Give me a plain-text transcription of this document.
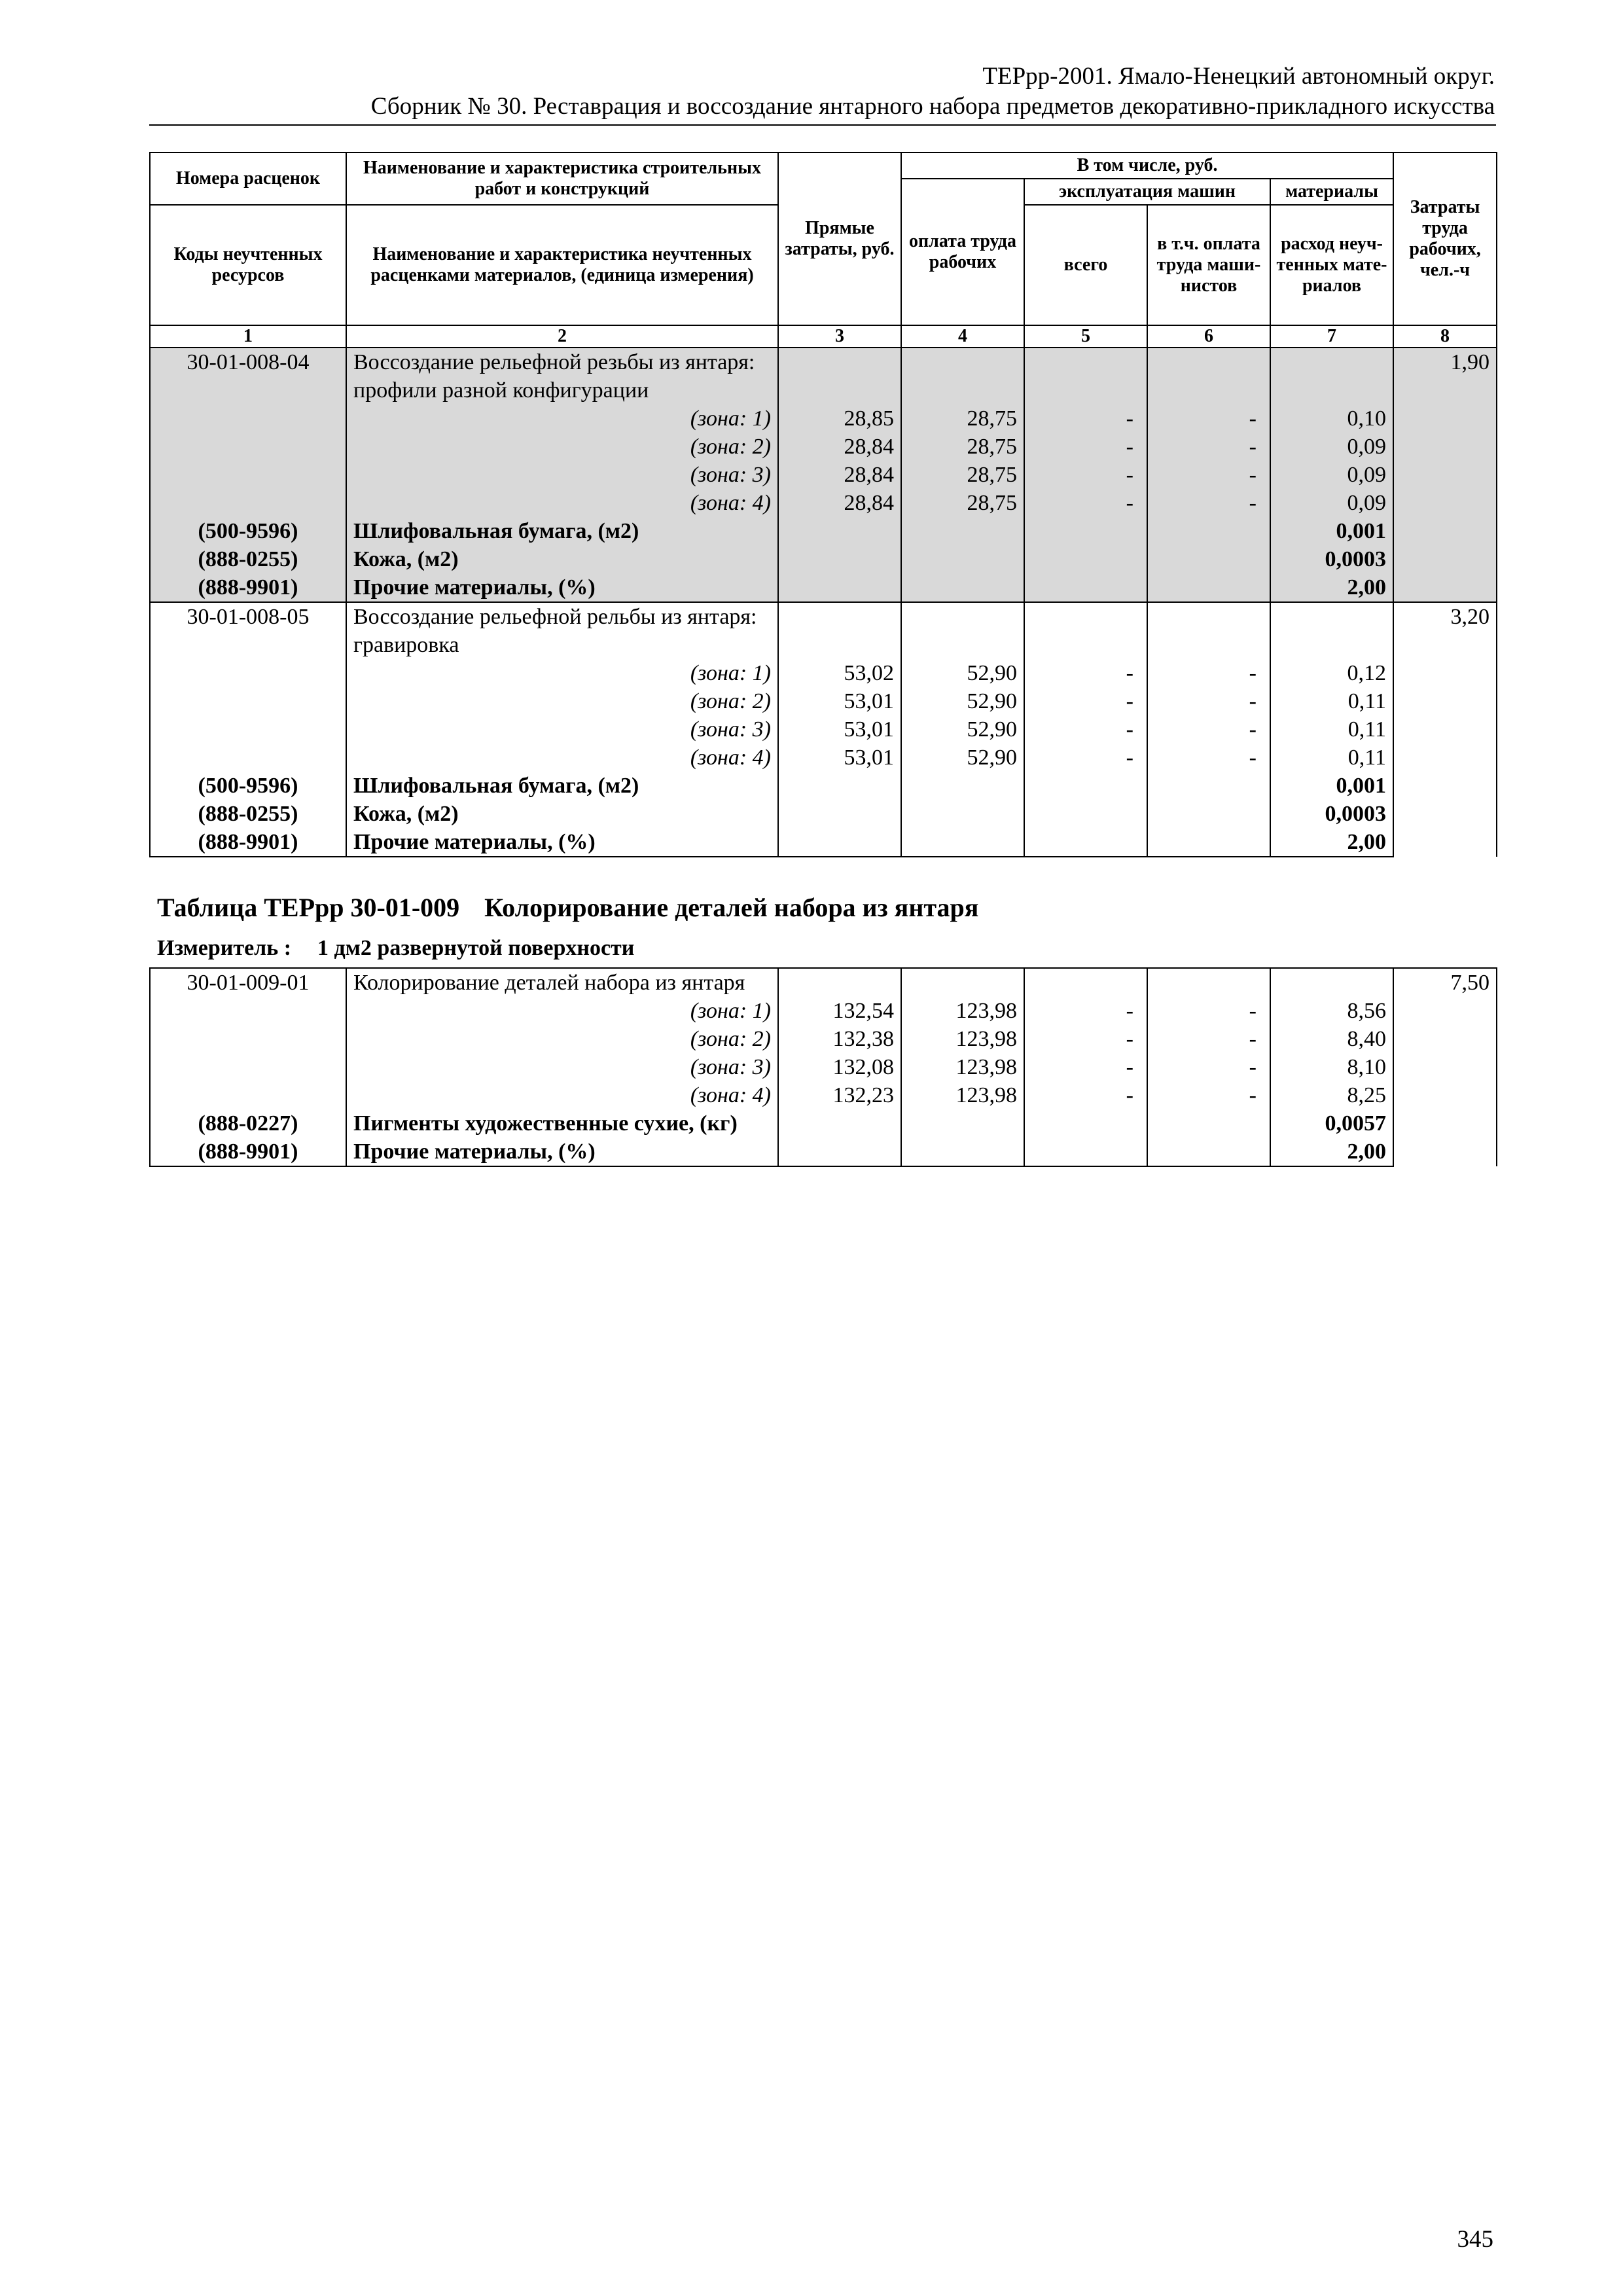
ТЕРрр-2001. Ямало-Ненецкий автономный округ.
Сборник № 30. Реставрация и воссоздание янтарного набора предметов декоративно-прикладного искусства
Номера расценок	Наименование и характеристика строительных работ и конструкций	Прямые затраты, руб.	В том числе, руб.				Затраты труда рабочих, чел.-ч
			оплата труда рабочих	эксплуатация машин		материалы	
Коды неучтенных ресурсов	Наименование и характеристика неучтенных расценками материалов, (единица измерения)			всего	в т.ч. оплата труда маши-нистов	расход неуч-тенных мате-риалов	

1	2	3	4	5	6	7	8
30-01-008-04	Воссоздание рельефной резьбы из янтаря: профили разной конфигурации						1,90
	(зона: 1)	28,85	28,75	-	-	0,10	
	(зона: 2)	28,84	28,75	-	-	0,09	
	(зона: 3)	28,84	28,75	-	-	0,09	
	(зона: 4)	28,84	28,75	-	-	0,09	
(500-9596)	Шлифовальная бумага, (м2)					0,001	
(888-0255)	Кожа, (м2)					0,0003	
(888-9901)	Прочие материалы, (%)					2,00	
30-01-008-05	Воссоздание рельефной рельбы из янтаря: гравировка						3,20
	(зона: 1)	53,02	52,90	-	-	0,12	
	(зона: 2)	53,01	52,90	-	-	0,11	
	(зона: 3)	53,01	52,90	-	-	0,11	
	(зона: 4)	53,01	52,90	-	-	0,11	
(500-9596)	Шлифовальная бумага, (м2)					0,001	
(888-0255)	Кожа, (м2)					0,0003	
(888-9901)	Прочие материалы, (%)					2,00	
Таблица ТЕРрр 30-01-009 Колорирование деталей набора из янтаря
Измеритель : 1 дм2 развернутой поверхности
30-01-009-01	Колорирование деталей набора из янтаря						7,50
	(зона: 1)	132,54	123,98	-	-	8,56	
	(зона: 2)	132,38	123,98	-	-	8,40	
	(зона: 3)	132,08	123,98	-	-	8,10	
	(зона: 4)	132,23	123,98	-	-	8,25	
(888-0227)	Пигменты художественные сухие, (кг)					0,0057	
(888-9901)	Прочие материалы, (%)					2,00	
345
